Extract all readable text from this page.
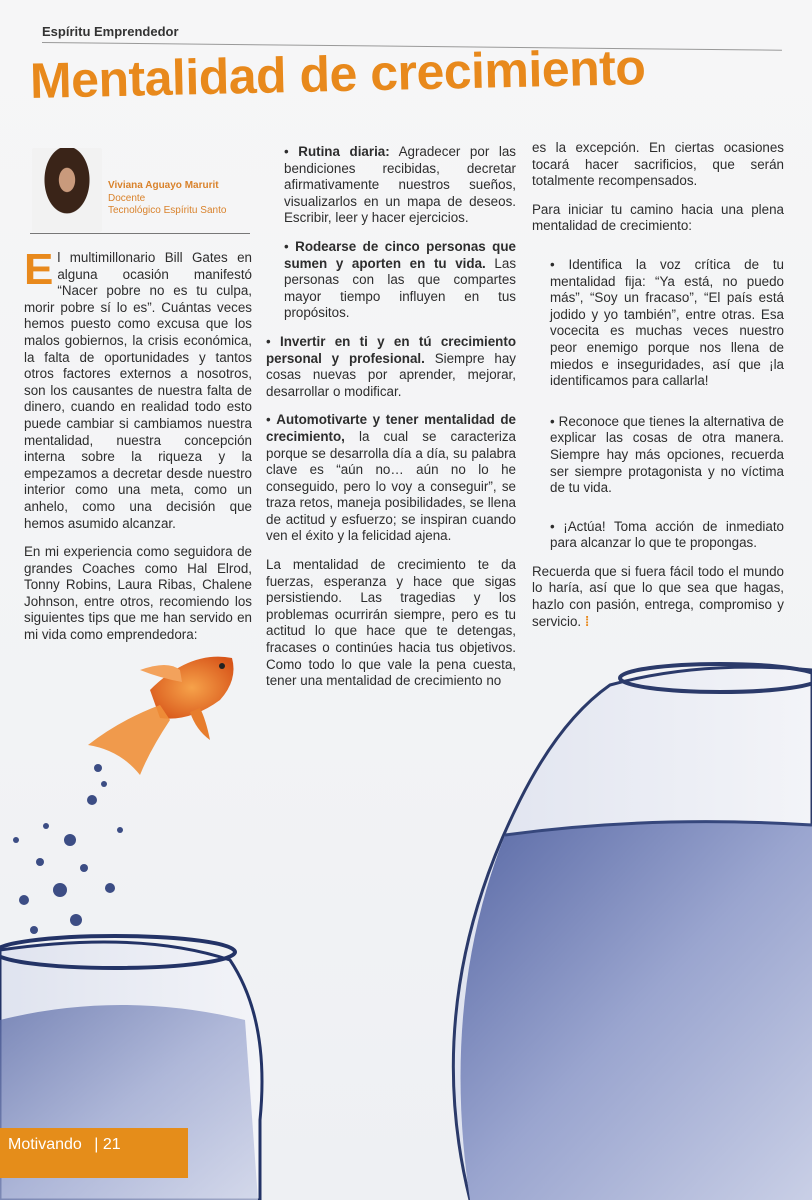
Espíritu Emprendedor
Mentalidad de crecimiento
Viviana Aguayo Marurit
Docente
Tecnológico Espíritu Santo

El multimillonario Bill Gates en alguna ocasión manifestó “Nacer pobre no es tu culpa, morir pobre sí lo es”. Cuántas veces hemos puesto como excusa que los malos gobiernos, la crisis económica, la falta de oportunidades y tantos otros factores externos a nosotros, son los causantes de nuestra falta de dinero, cuando en realidad todo esto puede cambiar si cambiamos nuestra mentalidad, nuestra concepción interna sobre la riqueza y la empezamos a decretar desde nuestro interior como una meta, como un anhelo, como una decisión que hemos asumido alcanzar.

En mi experiencia como seguidora de grandes Coaches como Hal Elrod, Tonny Robins, Laura Ribas, Chalene Johnson, entre otros, recomiendo los siguientes tips que me han servido en mi vida como emprendedora:

• Rutina diaria: Agradecer por las bendiciones recibidas, decretar afirmativamente nuestros sueños, visualizarlos en un mapa de deseos. Escribir, leer y hacer ejercicios.

• Rodearse de cinco personas que sumen y aporten en tu vida. Las personas con las que compartes mayor tiempo influyen en tus propósitos.

• Invertir en ti y en tú crecimiento personal y profesional. Siempre hay cosas nuevas por aprender, mejorar, desarrollar o modificar.

• Automotivarte y tener mentalidad de crecimiento, la cual se caracteriza porque se desarrolla día a día, su palabra clave es “aún no… aún no lo he conseguido, pero lo voy a conseguir”, se traza retos, maneja posibilidades, se llena de actitud y esfuerzo; se inspiran cuando ven el éxito y la felicidad ajena.

La mentalidad de crecimiento te da fuerzas, esperanza y hace que sigas persistiendo. Las tragedias y los problemas ocurrirán siempre, pero es tu actitud lo que hace que te detengas, fracases o continúes hacia tus objetivos. Como todo lo que vale la pena cuesta, tener una mentalidad de crecimiento no

es la excepción. En ciertas ocasiones tocará hacer sacrificios, que serán totalmente recompensados.

Para iniciar tu camino hacia una plena mentalidad de crecimiento:

• Identifica la voz crítica de tu mentalidad fija: “Ya está, no puedo más”, “Soy un fracaso”, “El país está jodido y yo también”, entre otras. Esa vocecita es muchas veces nuestro peor enemigo porque nos llena de miedos e inseguridades, así que ¡la identificamos para callarla!

• Reconoce que tienes la alternativa de explicar las cosas de otra manera. Siempre hay más opciones, recuerda ser siempre protagonista y no víctima de tu vida.

• ¡Actúa! Toma acción de inmediato para alcanzar lo que te propongas.

Recuerda que si fuera fácil todo el mundo lo haría, así que lo que sea que hagas, hazlo con pasión, entrega, compromiso y servicio. ⁞

Motivando | 21
